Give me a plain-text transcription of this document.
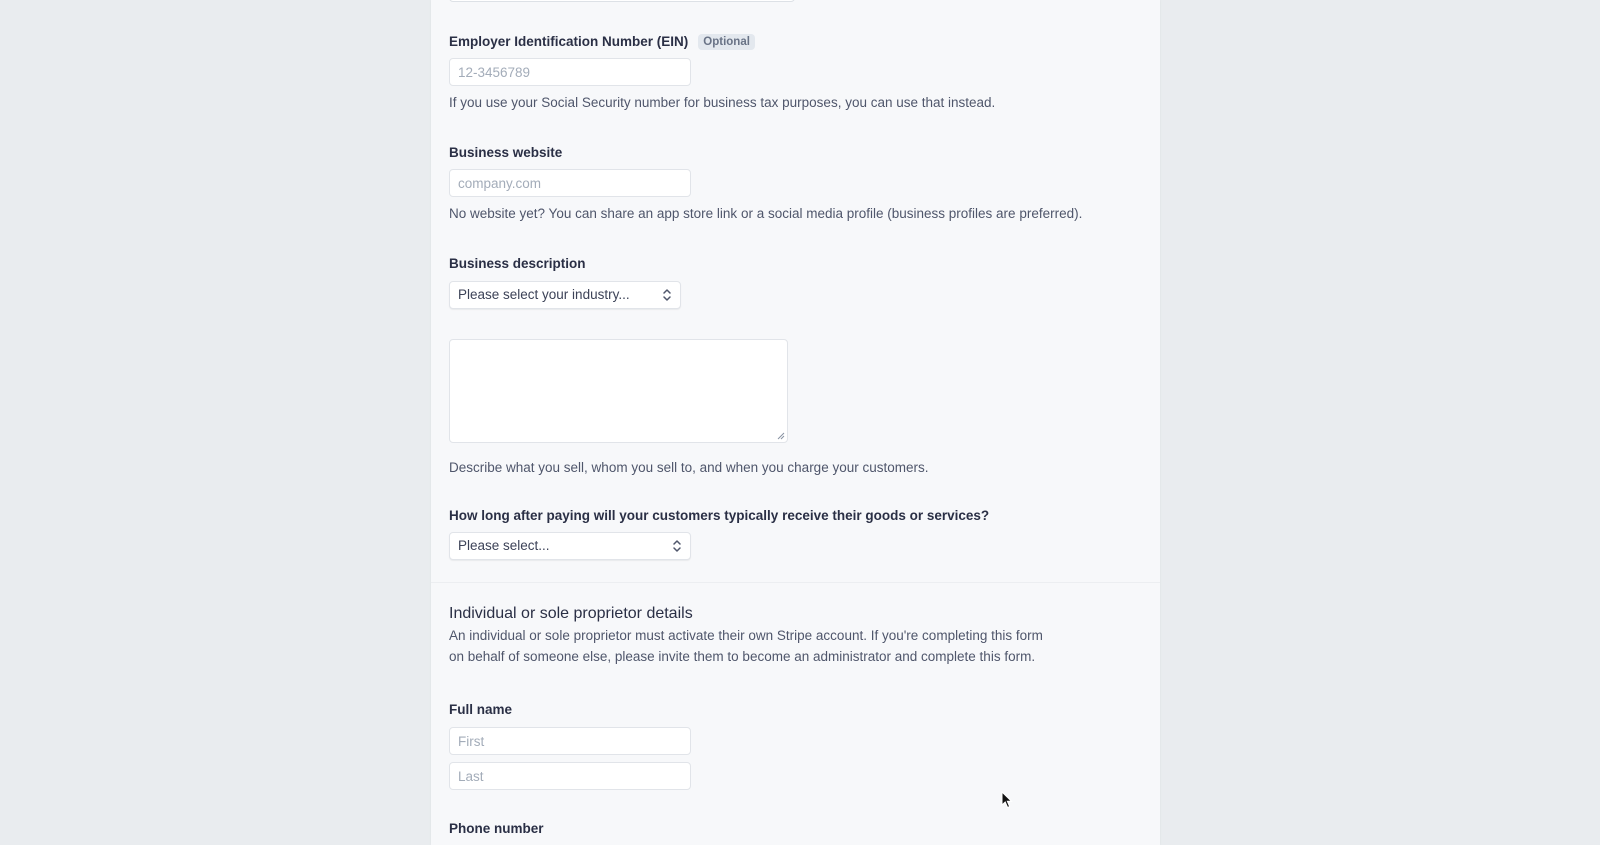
Employer Identification Number (EIN) Optional
12-3456789
If you use your Social Security number for business tax purposes, you can use that instead.
Business website
company.com
No website yet? You can share an app store link or a social media profile (business profiles are preferred).
Business description
Please select your industry...
Describe what you sell, whom you sell to, and when you charge your customers.
How long after paying will your customers typically receive their goods or services?
Please select...
Individual or sole proprietor details
An individual or sole proprietor must activate their own Stripe account. If you're completing this form
on behalf of someone else, please invite them to become an administrator and complete this form.
Full name
First
Last
Phone number
